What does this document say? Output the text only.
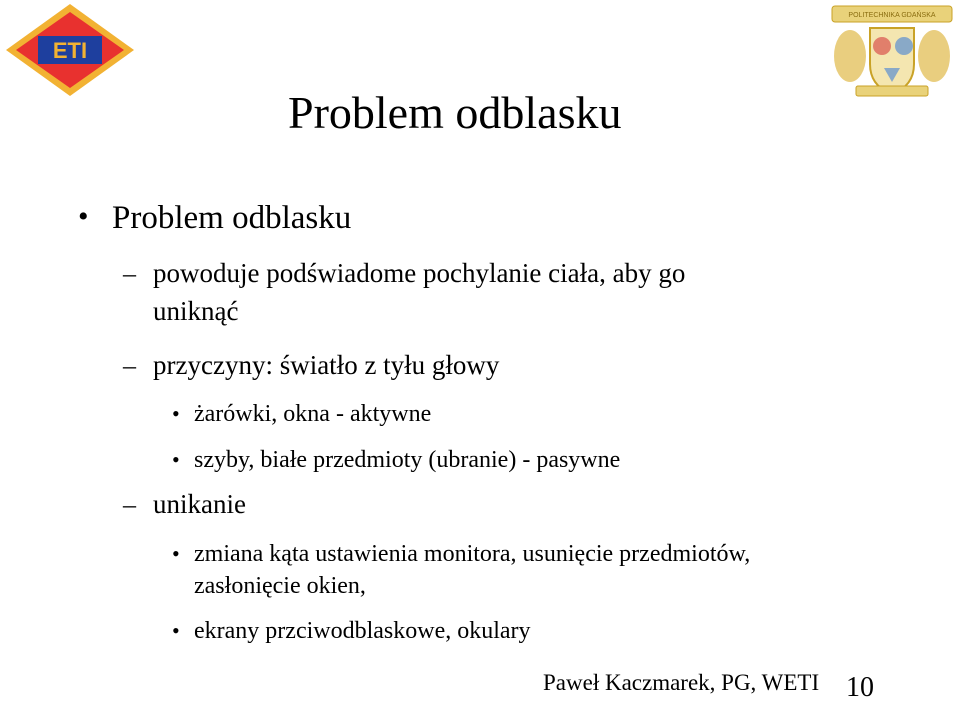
ETI
POLITECHNIKA GDAŃSKA
Problem odblasku
• Problem odblasku
– powoduje podświadome pochylanie ciała, aby go
uniknąć
– przyczyny: światło z tyłu głowy
• żarówki, okna - aktywne
• szyby, białe przedmioty (ubranie) - pasywne
– unikanie
• zmiana kąta ustawienia monitora, usunięcie przedmiotów,
zasłonięcie okien,
• ekrany przciwodblaskowe, okulary
Paweł Kaczmarek, PG, WETI 10
